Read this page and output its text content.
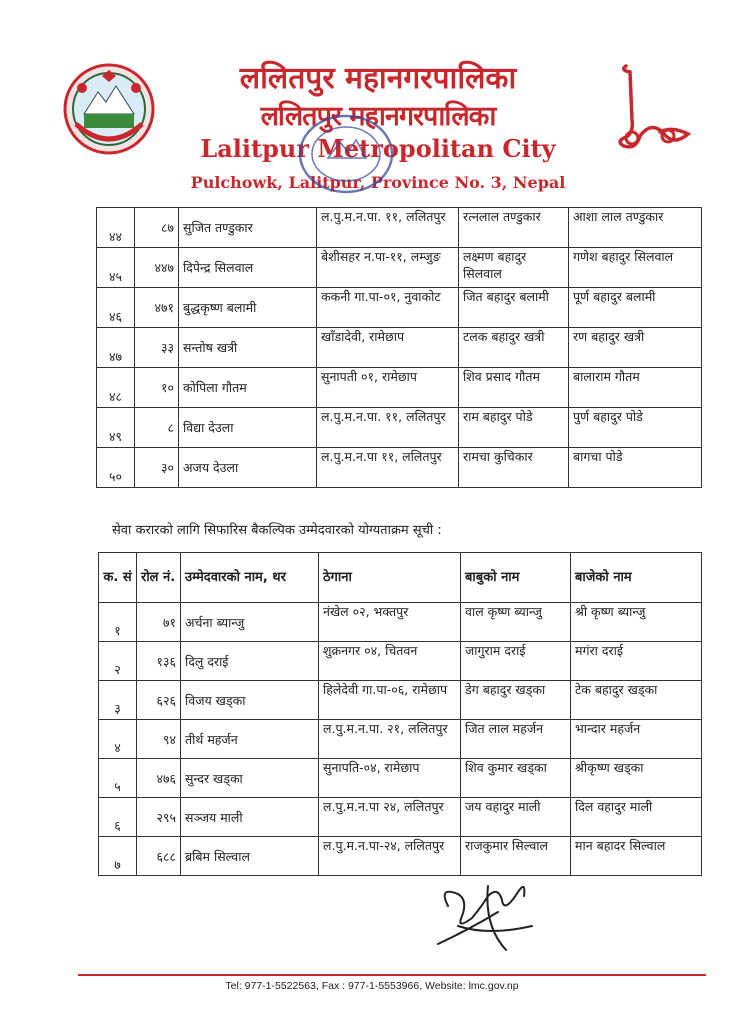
ललितपुर महानगरपालिका
ललितपुर महानगरपालिका
Lalitpur Metropolitan City
Pulchowk, Lalitpur, Province No. 3, Nepal
४४	८७	सुजित तण्डुकार	ल.पु.म.न.पा. ११, ललितपुर	रत्नलाल तण्डुकार	आशा लाल तण्डुकार
४५	४४७	दिपेन्द्र सिलवाल	बेशीसहर न.पा-११, लम्जुङ	लक्ष्मण बहादुर सिलवाल	गणेश बहादुर सिलवाल
४६	४७१	बुद्धकृष्ण बलामी	ककनी गा.पा-०१, नुवाकोट	जित बहादुर बलामी	पूर्ण बहादुर बलामी
४७	३३	सन्तोष खत्री	खाँडादेवी, रामेछाप	टलक बहादुर खत्री	रण बहादुर खत्री
४८	१०	कोपिला गौतम	सुनापती ०१, रामेछाप	शिव प्रसाद गौतम	बालाराम गौतम
४९	८	विद्या देउला	ल.पु.म.न.पा. ११, ललितपुर	राम बहादुर पोडे	पुर्ण बहादुर पोडे
५०	३०	अजय देउला	ल.पु.म.न.पा ११, ललितपुर	रामचा कुचिकार	बागचा पोडे
सेवा करारको लागि सिफारिस बैकल्पिक उम्मेदवारको योग्यताक्रम सूची :
क. सं	रोल नं.	उम्मेदवारको नाम, थर	ठेगाना	बाबुको नाम	बाजेको नाम
१	७१	अर्चना ब्यान्जु	नंखेल ०२, भक्तपुर	वाल कृष्ण ब्यान्जु	श्री कृष्ण ब्यान्जु
२	१३६	दिलु दराई	शुक्रनगर ०४, चितवन	जागुराम दराई	मगंरा दराई
३	६२६	विजय खड्का	हिलेदेवी गा.पा-०६, रामेछाप	डेग बहादुर खड्का	टेक बहादुर खड्का
४	९४	तीर्थ महर्जन	ल.पु.म.न.पा. २१, ललितपुर	जित लाल महर्जन	भान्दार महर्जन
५	४७६	सुन्दर खड्का	सुनापति-०४, रामेछाप	शिव कुमार खड्का	श्रीकृष्ण खड्का
६	२९५	सञ्जय माली	ल.पु.म.न.पा २४, ललितपुर	जय वहादुर माली	दिल वहादुर माली
७	६८८	ब्रबिम सिल्वाल	ल.पु.म.न.पा-२४, ललितपुर	राजकुमार सिल्वाल	मान बहादर सिल्वाल
Tel: 977-1-5522563, Fax : 977-1-5553966, Website: lmc.gov.np
